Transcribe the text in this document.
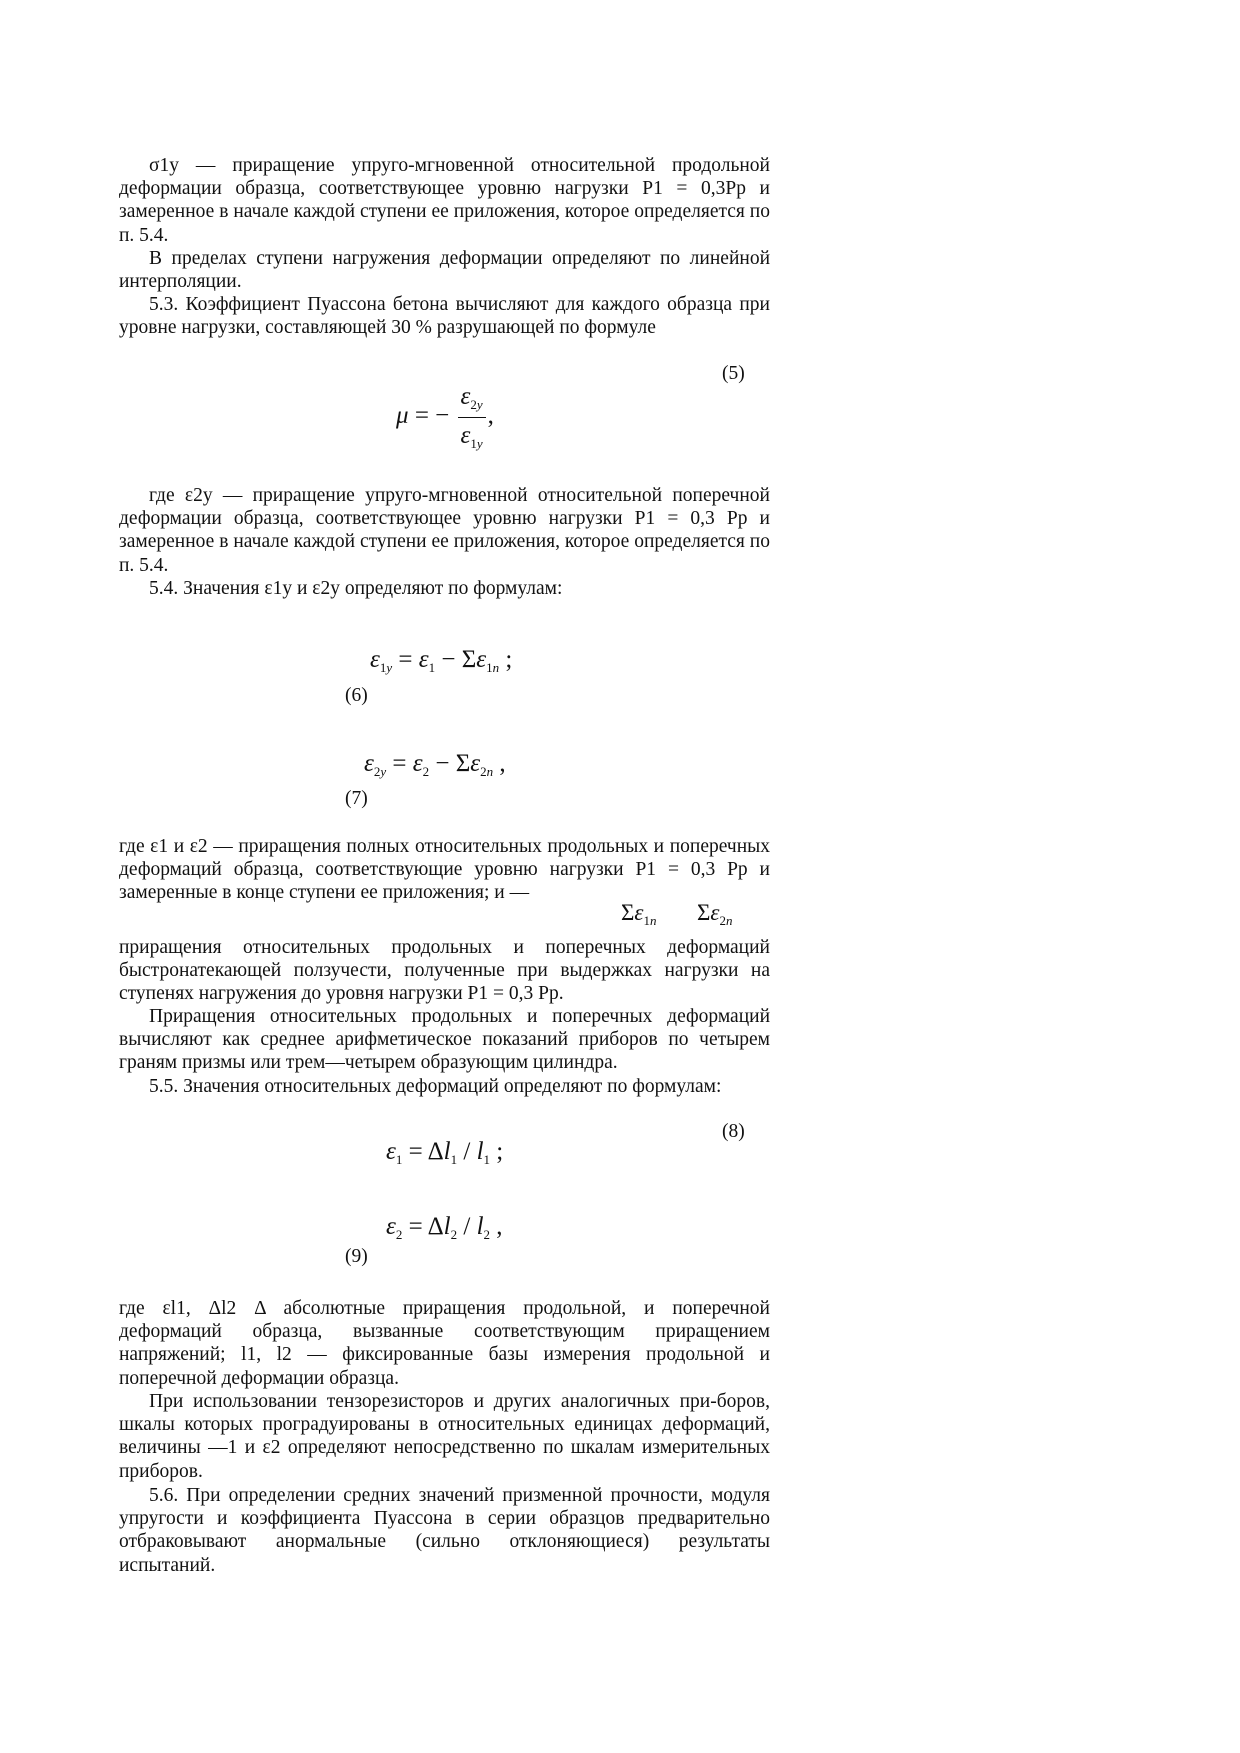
σ1у — приращение упруго-мгновенной относительной продольной деформации образца, соответствующее уровню нагрузки P1 = 0,3Pp и замеренное в начале каждой ступени ее приложения, которое определяется по п. 5.4.

В пределах ступени нагружения деформации определяют по линейной интерполяции.

5.3. Коэффициент Пуассона бетона вычисляют для каждого образца при уровне нагрузки, составляющей 30 % разрушающей по формуле

(5)
μ = − $\frac{\varepsilon_{2y}}{\varepsilon_{1y}}$ ,

где ε2у — приращение упруго-мгновенной относительной поперечной деформации образца, соответствующее уровню нагрузки P1 = 0,3 Pp и замеренное в начале каждой ступени ее приложения, которое определяется по п. 5.4.

5.4. Значения ε1у и ε2у определяют по формулам:

$\varepsilon_{1y} = \varepsilon_1 - \Sigma\varepsilon_{1n}$ ;
(6)
$\varepsilon_{2y} = \varepsilon_2 - \Sigma\varepsilon_{2n}$ ,
(7)

где ε1 и ε2 — приращения полных относительных продольных и поперечных деформаций образца, соответствующие уровню нагрузки P1 = 0,3 Pp и замеренные в конце ступени ее приложения; и —

$\Sigma\varepsilon_{1n}$ $\Sigma\varepsilon_{2n}$

приращения относительных продольных и поперечных деформаций быстронатекающей ползучести, полученные при выдержках нагрузки на ступенях нагружения до уровня нагрузки P1 = 0,3 Pp.

Приращения относительных продольных и поперечных деформаций вычисляют как среднее арифметическое показаний приборов по четырем граням призмы или трем—четырем образующим цилиндра.

5.5. Значения относительных деформаций определяют по формулам:

(8)
$\varepsilon_1 = \Delta l_1 / l_1$ ;
$\varepsilon_2 = \Delta l_2 / l_2$ ,
(9)

где εl1, Δl2 Δ абсолютные приращения продольной, и поперечной деформаций образца, вызванные соответствующим приращением напряжений; l1, l2 — фиксированные базы измерения продольной и поперечной деформации образца.

При использовании тензорезисторов и других аналогичных при-боров, шкалы которых проградуированы в относительных единицах деформаций, величины —1 и ε2 определяют непосредственно по шкалам измерительных приборов.

5.6. При определении средних значений призменной прочности, модуля упругости и коэффициента Пуассона в серии образцов предварительно отбраковывают анормальные (сильно отклоняющиеся) результаты испытаний.
